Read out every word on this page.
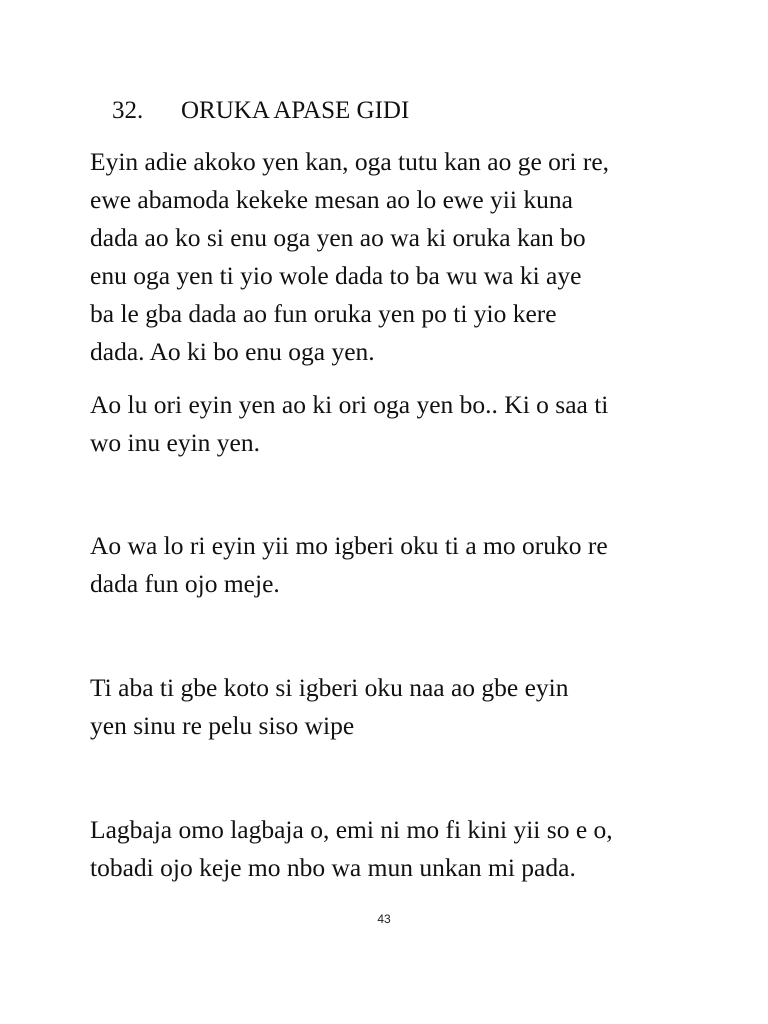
32. ORUKA APASE GIDI

Eyin adie akoko yen kan, oga tutu kan ao ge ori re,
ewe abamoda kekeke mesan ao lo ewe yii kuna
dada ao ko si enu oga yen ao wa ki oruka kan bo
enu oga yen ti yio wole dada to ba wu wa ki aye
ba le gba dada ao fun oruka yen po ti yio kere
dada. Ao ki bo enu oga yen.

Ao lu ori eyin yen ao ki ori oga yen bo.. Ki o saa ti
wo inu eyin yen.

Ao wa lo ri eyin yii mo igberi oku ti a mo oruko re
dada fun ojo meje.

Ti aba ti gbe koto si igberi oku naa ao gbe eyin
yen sinu re pelu siso wipe

Lagbaja omo lagbaja o, emi ni mo fi kini yii so e o,
tobadi ojo keje mo nbo wa mun unkan mi pada.

43
